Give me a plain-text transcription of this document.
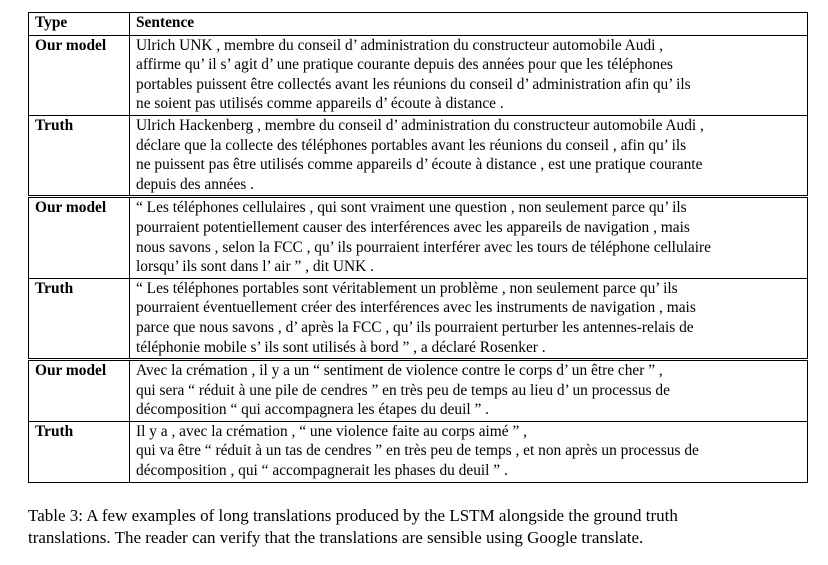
Type	Sentence
Our model	Ulrich UNK , membre du conseil d’ administration du constructeur automobile Audi ,
affirme qu’ il s’ agit d’ une pratique courante depuis des années pour que les téléphones
portables puissent être collectés avant les réunions du conseil d’ administration afin qu’ ils
ne soient pas utilisés comme appareils d’ écoute à distance .

Truth	Ulrich Hackenberg , membre du conseil d’ administration du constructeur automobile Audi ,
déclare que la collecte des téléphones portables avant les réunions du conseil , afin qu’ ils
ne puissent pas être utilisés comme appareils d’ écoute à distance , est une pratique courante
depuis des années .

Our model	“ Les téléphones cellulaires , qui sont vraiment une question , non seulement parce qu’ ils
pourraient potentiellement causer des interférences avec les appareils de navigation , mais
nous savons , selon la FCC , qu’ ils pourraient interférer avec les tours de téléphone cellulaire
lorsqu’ ils sont dans l’ air ” , dit UNK .

Truth	“ Les téléphones portables sont véritablement un problème , non seulement parce qu’ ils
pourraient éventuellement créer des interférences avec les instruments de navigation , mais
parce que nous savons , d’ après la FCC , qu’ ils pourraient perturber les antennes-relais de
téléphonie mobile s’ ils sont utilisés à bord ” , a déclaré Rosenker .

Our model	Avec la crémation , il y a un “ sentiment de violence contre le corps d’ un être cher ” ,
qui sera “ réduit à une pile de cendres ” en très peu de temps au lieu d’ un processus de
décomposition “ qui accompagnera les étapes du deuil ” .

Truth	Il y a , avec la crémation , “ une violence faite au corps aimé ” ,
qui va être “ réduit à un tas de cendres ” en très peu de temps , et non après un processus de
décomposition , qui “ accompagnerait les phases du deuil ” .
Table 3: A few examples of long translations produced by the LSTM alongside the ground truth
translations. The reader can verify that the translations are sensible using Google translate.
